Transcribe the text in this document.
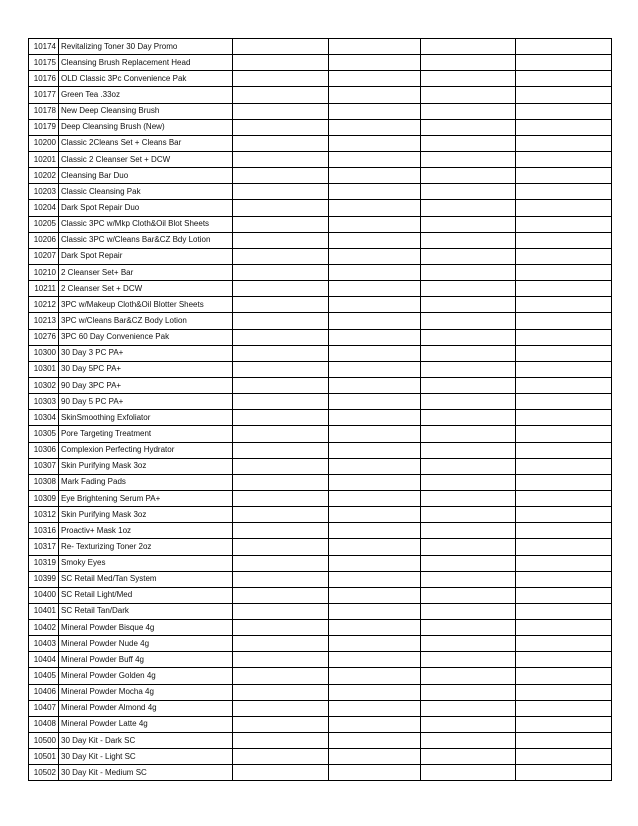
10174	Revitalizing Toner 30 Day Promo				
10175	Cleansing Brush Replacement Head				
10176	OLD Classic 3Pc Convenience Pak				
10177	Green Tea .33oz				
10178	New Deep Cleansing Brush				
10179	Deep Cleansing Brush (New)				
10200	Classic 2Cleans Set + Cleans Bar				
10201	Classic 2 Cleanser Set + DCW				
10202	Cleansing Bar Duo				
10203	Classic Cleansing Pak				
10204	Dark Spot Repair Duo				
10205	Classic 3PC w/Mkp Cloth&Oil Blot Sheets				
10206	Classic 3PC w/Cleans Bar&CZ Bdy Lotion				
10207	Dark Spot Repair				
10210	2 Cleanser Set+ Bar				
10211	2 Cleanser Set + DCW				
10212	3PC w/Makeup Cloth&Oil Blotter Sheets				
10213	3PC w/Cleans Bar&CZ Body Lotion				
10276	3PC 60 Day Convenience Pak				
10300	30 Day 3 PC PA+				
10301	30 Day 5PC PA+				
10302	90 Day 3PC PA+				
10303	90 Day 5 PC PA+				
10304	SkinSmoothing Exfoliator				
10305	Pore Targeting Treatment				
10306	Complexion Perfecting Hydrator				
10307	Skin Purifying Mask 3oz				
10308	Mark Fading Pads				
10309	Eye Brightening Serum PA+				
10312	Skin Purifying Mask 3oz				
10316	Proactiv+ Mask 1oz				
10317	Re- Texturizing Toner 2oz				
10319	Smoky Eyes				
10399	SC Retail Med/Tan System				
10400	SC Retail Light/Med				
10401	SC Retail Tan/Dark				
10402	Mineral Powder Bisque 4g				
10403	Mineral Powder Nude 4g				
10404	Mineral Powder Buff 4g				
10405	Mineral Powder Golden 4g				
10406	Mineral Powder Mocha 4g				
10407	Mineral Powder Almond 4g				
10408	Mineral Powder Latte 4g				
10500	30 Day Kit - Dark SC				
10501	30 Day Kit - Light SC				
10502	30 Day Kit - Medium SC				
